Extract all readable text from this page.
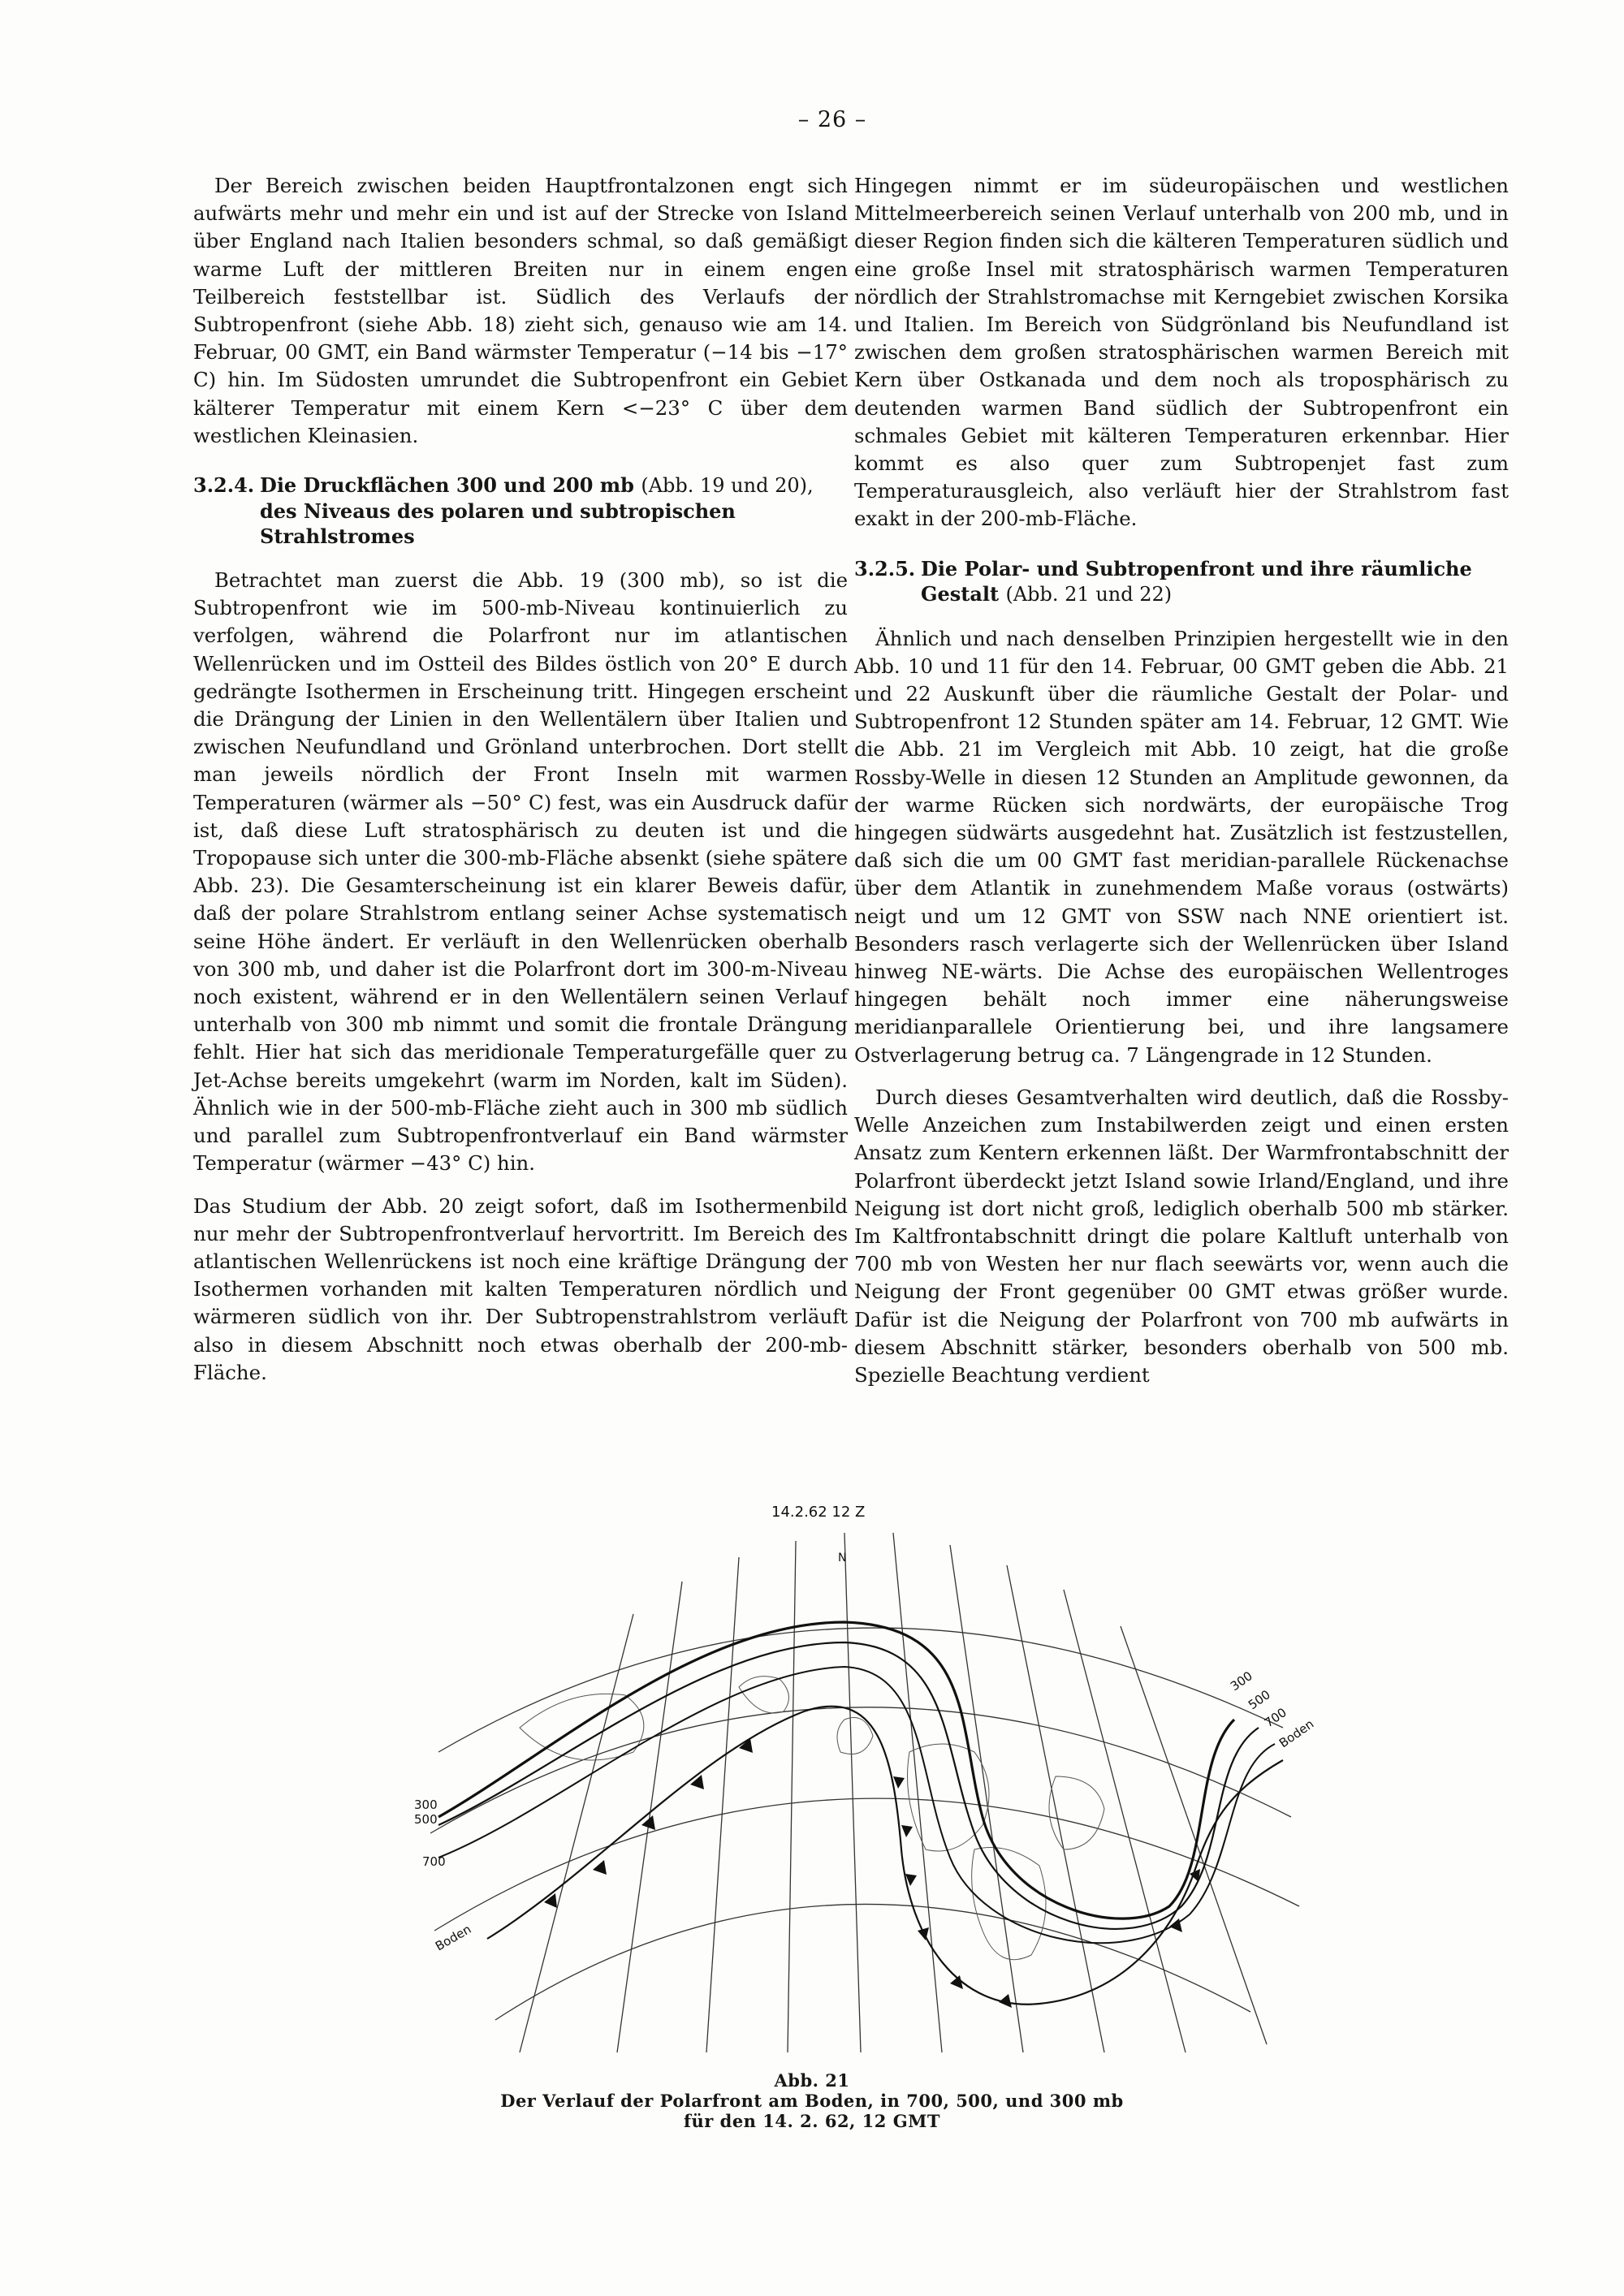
– 26 –

Der Bereich zwischen beiden Hauptfrontalzonen engt sich aufwärts mehr und mehr ein und ist auf der Strecke von Island über England nach Italien besonders schmal, so daß gemäßigt warme Luft der mittleren Breiten nur in einem engen Teilbereich feststellbar ist. Südlich des Verlaufs der Subtropenfront (siehe Abb. 18) zieht sich, genauso wie am 14. Februar, 00 GMT, ein Band wärmster Temperatur (−14 bis −17° C) hin. Im Südosten umrundet die Subtropenfront ein Gebiet kälterer Temperatur mit einem Kern <−23° C über dem westlichen Kleinasien.

3.2.4. Die Druckflächen 300 und 200 mb (Abb. 19 und 20),
des Niveaus des polaren und subtropischen Strahlstromes

Betrachtet man zuerst die Abb. 19 (300 mb), so ist die Subtropenfront wie im 500-mb-Niveau kontinuierlich zu verfolgen, während die Polarfront nur im atlantischen Wellenrücken und im Ostteil des Bildes östlich von 20° E durch gedrängte Isothermen in Erscheinung tritt. Hingegen erscheint die Drängung der Linien in den Wellentälern über Italien und zwischen Neufundland und Grönland unterbrochen. Dort stellt man jeweils nördlich der Front Inseln mit warmen Temperaturen (wärmer als −50° C) fest, was ein Ausdruck dafür ist, daß diese Luft stratosphärisch zu deuten ist und die Tropopause sich unter die 300-mb-Fläche absenkt (siehe spätere Abb. 23). Die Gesamterscheinung ist ein klarer Beweis dafür, daß der polare Strahlstrom entlang seiner Achse systematisch seine Höhe ändert. Er verläuft in den Wellenrücken oberhalb von 300 mb, und daher ist die Polarfront dort im 300-m-Niveau noch existent, während er in den Wellentälern seinen Verlauf unterhalb von 300 mb nimmt und somit die frontale Drängung fehlt. Hier hat sich das meridionale Temperaturgefälle quer zu Jet-Achse bereits umgekehrt (warm im Norden, kalt im Süden). Ähnlich wie in der 500-mb-Fläche zieht auch in 300 mb südlich und parallel zum Subtropenfrontverlauf ein Band wärmster Temperatur (wärmer −43° C) hin.

Das Studium der Abb. 20 zeigt sofort, daß im Isothermenbild nur mehr der Subtropenfrontverlauf hervortritt. Im Bereich des atlantischen Wellenrückens ist noch eine kräftige Drängung der Isothermen vorhanden mit kalten Temperaturen nördlich und wärmeren südlich von ihr. Der Subtropenstrahlstrom verläuft also in diesem Abschnitt noch etwas oberhalb der 200-mb-Fläche.

Hingegen nimmt er im südeuropäischen und westlichen Mittelmeerbereich seinen Verlauf unterhalb von 200 mb, und in dieser Region finden sich die kälteren Temperaturen südlich und eine große Insel mit stratosphärisch warmen Temperaturen nördlich der Strahlstromachse mit Kerngebiet zwischen Korsika und Italien. Im Bereich von Südgrönland bis Neufundland ist zwischen dem großen stratosphärischen warmen Bereich mit Kern über Ostkanada und dem noch als troposphärisch zu deutenden warmen Band südlich der Subtropenfront ein schmales Gebiet mit kälteren Temperaturen erkennbar. Hier kommt es also quer zum Subtropenjet fast zum Temperaturausgleich, also verläuft hier der Strahlstrom fast exakt in der 200-mb-Fläche.

3.2.5. Die Polar- und Subtropenfront und ihre räumliche Gestalt (Abb. 21 und 22)

Ähnlich und nach denselben Prinzipien hergestellt wie in den Abb. 10 und 11 für den 14. Februar, 00 GMT geben die Abb. 21 und 22 Auskunft über die räumliche Gestalt der Polar- und Subtropenfront 12 Stunden später am 14. Februar, 12 GMT. Wie die Abb. 21 im Vergleich mit Abb. 10 zeigt, hat die große Rossby-Welle in diesen 12 Stunden an Amplitude gewonnen, da der warme Rücken sich nordwärts, der europäische Trog hingegen südwärts ausgedehnt hat. Zusätzlich ist festzustellen, daß sich die um 00 GMT fast meridian-parallele Rückenachse über dem Atlantik in zunehmendem Maße voraus (ostwärts) neigt und um 12 GMT von SSW nach NNE orientiert ist. Besonders rasch verlagerte sich der Wellenrücken über Island hinweg NE-wärts. Die Achse des europäischen Wellentroges hingegen behält noch immer eine näherungsweise meridianparallele Orientierung bei, und ihre langsamere Ostverlagerung betrug ca. 7 Längengrade in 12 Stunden.

Durch dieses Gesamtverhalten wird deutlich, daß die Rossby-Welle Anzeichen zum Instabilwerden zeigt und einen ersten Ansatz zum Kentern erkennen läßt. Der Warmfrontabschnitt der Polarfront überdeckt jetzt Island sowie Irland/England, und ihre Neigung ist dort nicht groß, lediglich oberhalb 500 mb stärker. Im Kaltfrontabschnitt dringt die polare Kaltluft unterhalb von 700 mb von Westen her nur flach seewärts vor, wenn auch die Neigung der Front gegenüber 00 GMT etwas größer wurde. Dafür ist die Neigung der Polarfront von 700 mb aufwärts in diesem Abschnitt stärker, besonders oberhalb von 500 mb. Spezielle Beachtung verdient

300
500
700
Boden
300
500
700
Boden
14.2.62 12 Z
N
Abb. 21
Der Verlauf der Polarfront am Boden, in 700, 500, und 300 mb
für den 14. 2. 62, 12 GMT
